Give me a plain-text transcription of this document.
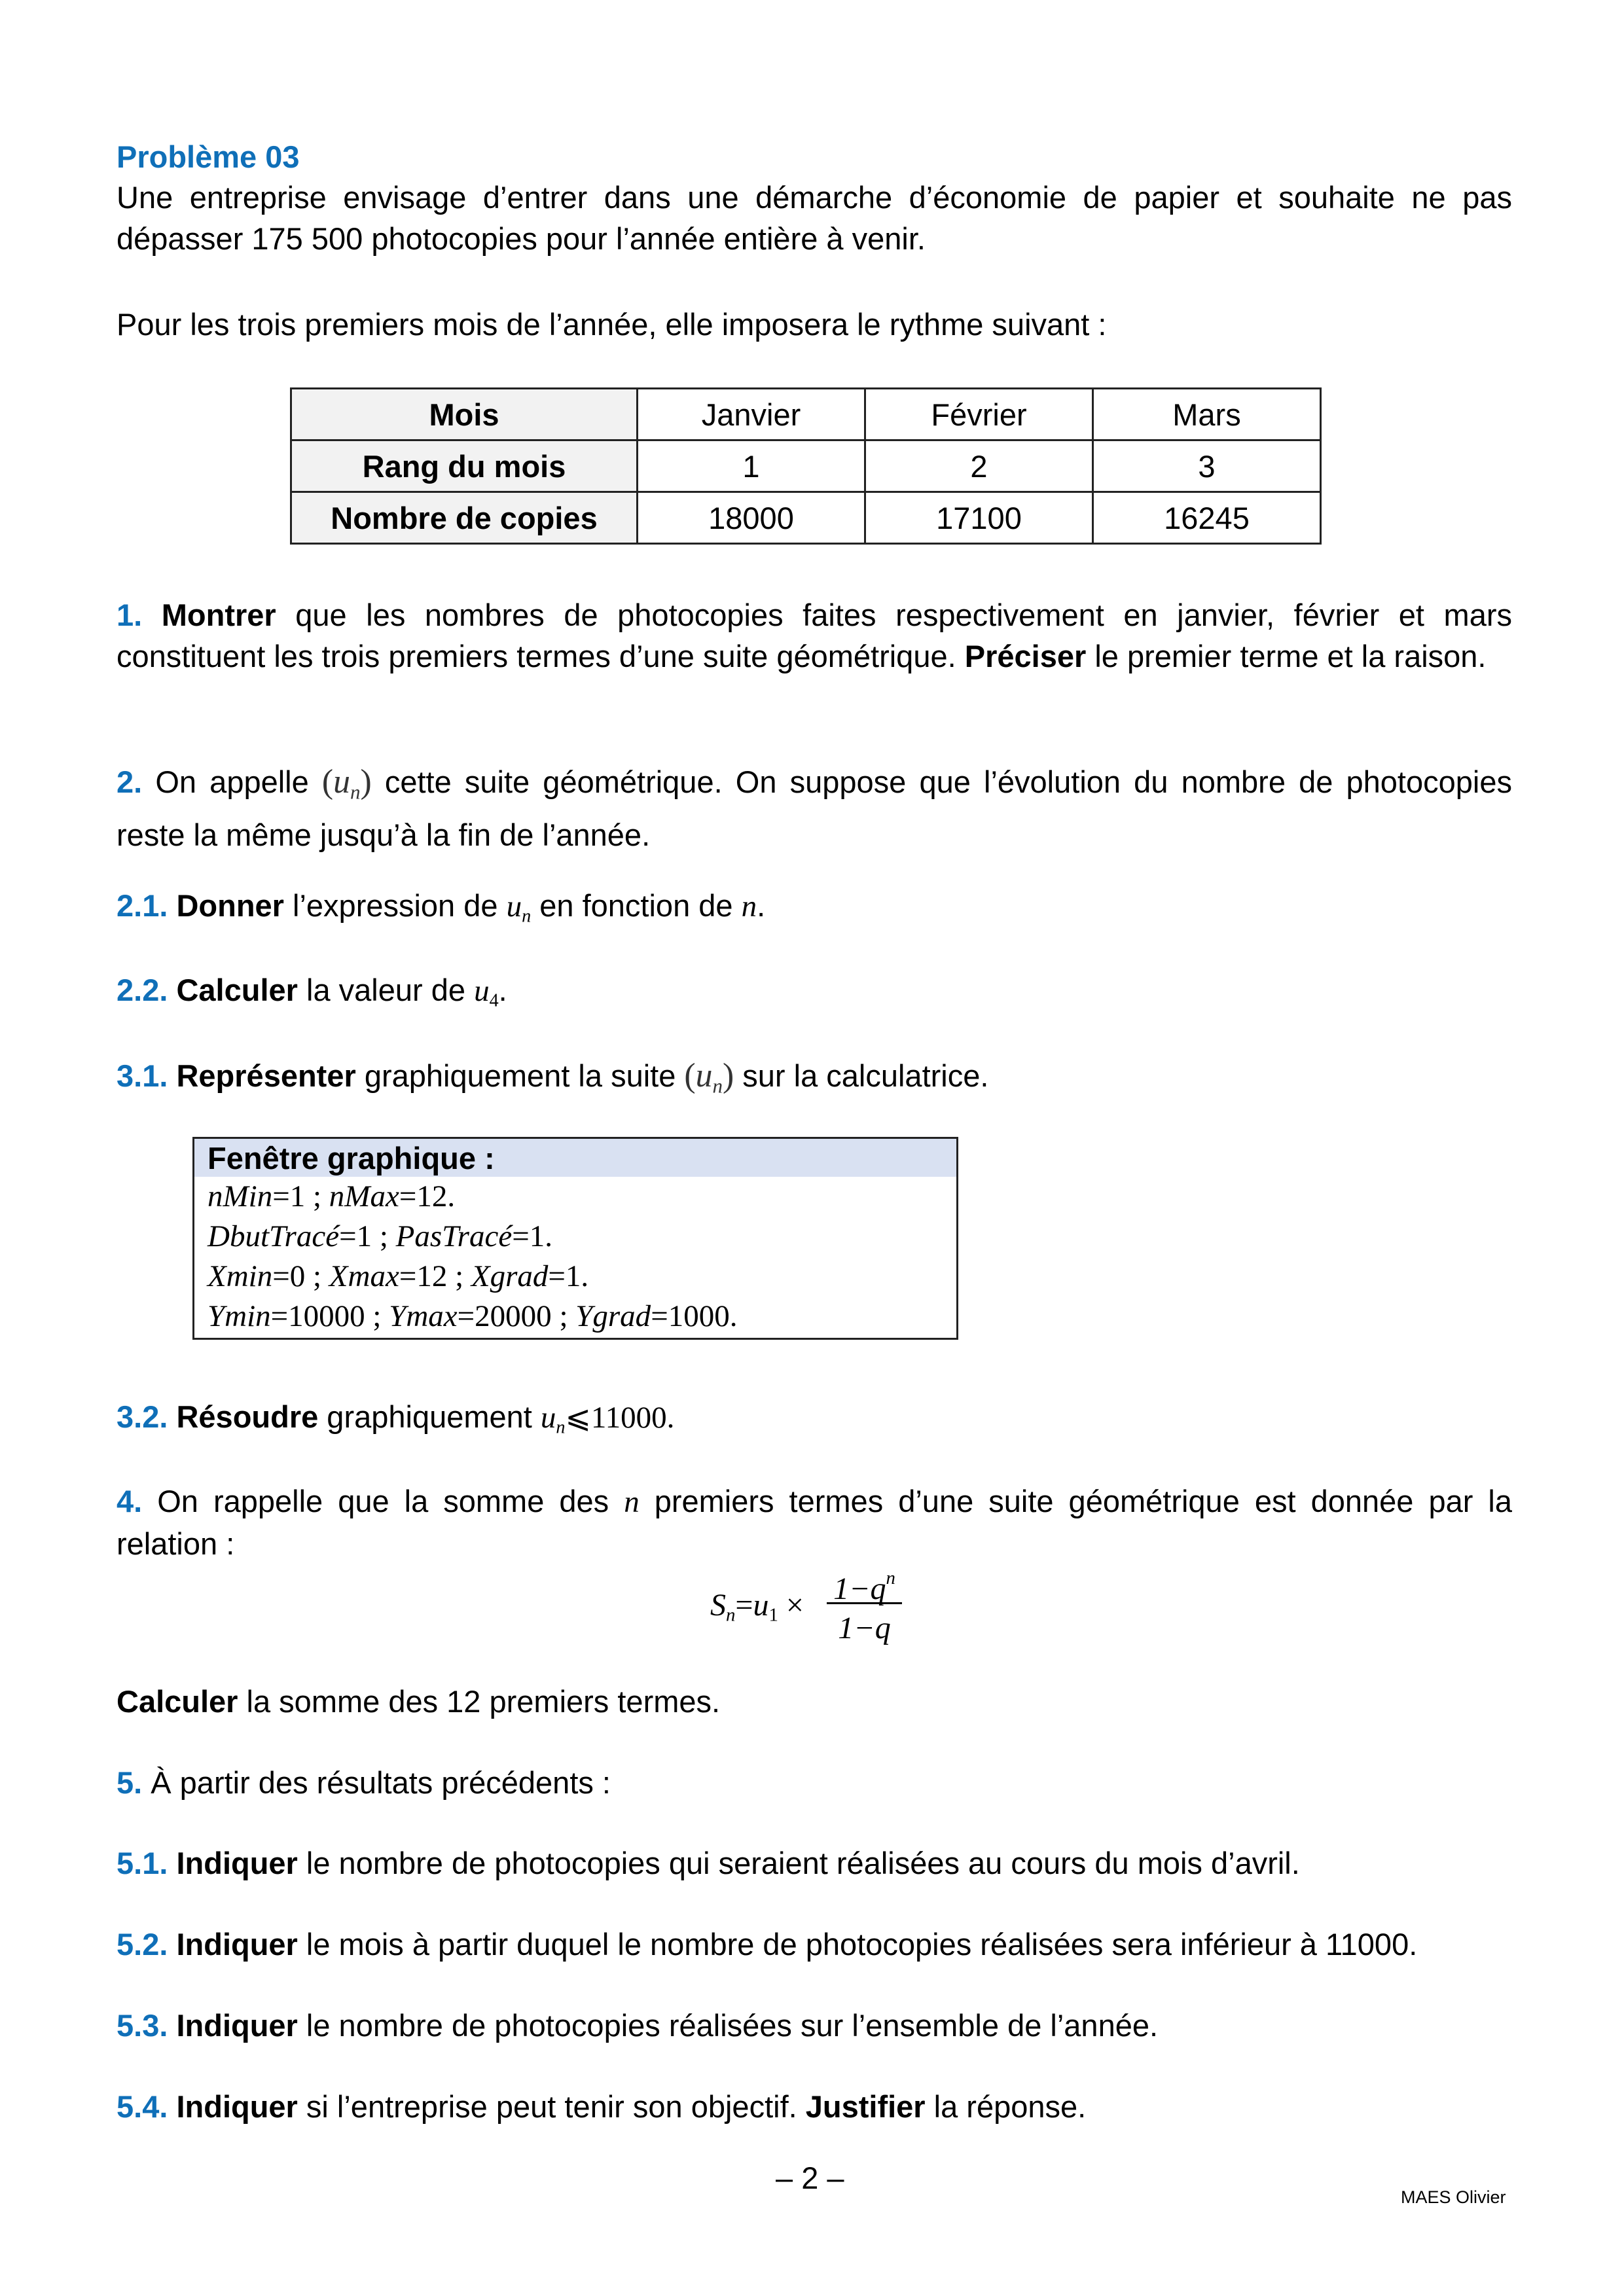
Problème 03
Une entreprise envisage d’entrer dans une démarche d’économie de papier et souhaite ne pas dépasser 175 500 photocopies pour l’année entière à venir.
Pour les trois premiers mois de l’année, elle imposera le rythme suivant :
Mois	Janvier	Février	Mars
Rang du mois	1	2	3
Nombre de copies	18000	17100	16245
1. Montrer que les nombres de photocopies faites respectivement en janvier, février et mars constituent les trois premiers termes d’une suite géométrique. Préciser le premier terme et la raison.
2. On appelle $(u_n)$ cette suite géométrique. On suppose que l’évolution du nombre de photocopies reste la même jusqu’à la fin de l’année.
2.1. Donner l’expression de $u_n$ en fonction de n.
2.2. Calculer la valeur de $u_4$.
3.1. Représenter graphiquement la suite $(u_n)$ sur la calculatrice.
Fenêtre graphique :
nMin=1 ; nMax=12.
DbutTracé=1 ; PasTracé=1.
Xmin=0 ; Xmax=12 ; Xgrad=1.
Ymin=10000 ; Ymax=20000 ; Ygrad=1000.
3.2. Résoudre graphiquement $u_n⩽11000$.
4. On rappelle que la somme des n premiers termes d’une suite géométrique est donnée par la relation :
$S_n=u_1 \times 1-q^n$
1−q
Calculer la somme des 12 premiers termes.
5. À partir des résultats précédents :
5.1. Indiquer le nombre de photocopies qui seraient réalisées au cours du mois d’avril.
5.2. Indiquer le mois à partir duquel le nombre de photocopies réalisées sera inférieur à 11000.
5.3. Indiquer le nombre de photocopies réalisées sur l’ensemble de l’année.
5.4. Indiquer si l’entreprise peut tenir son objectif. Justifier la réponse.
– 2 –
MAES Olivier
